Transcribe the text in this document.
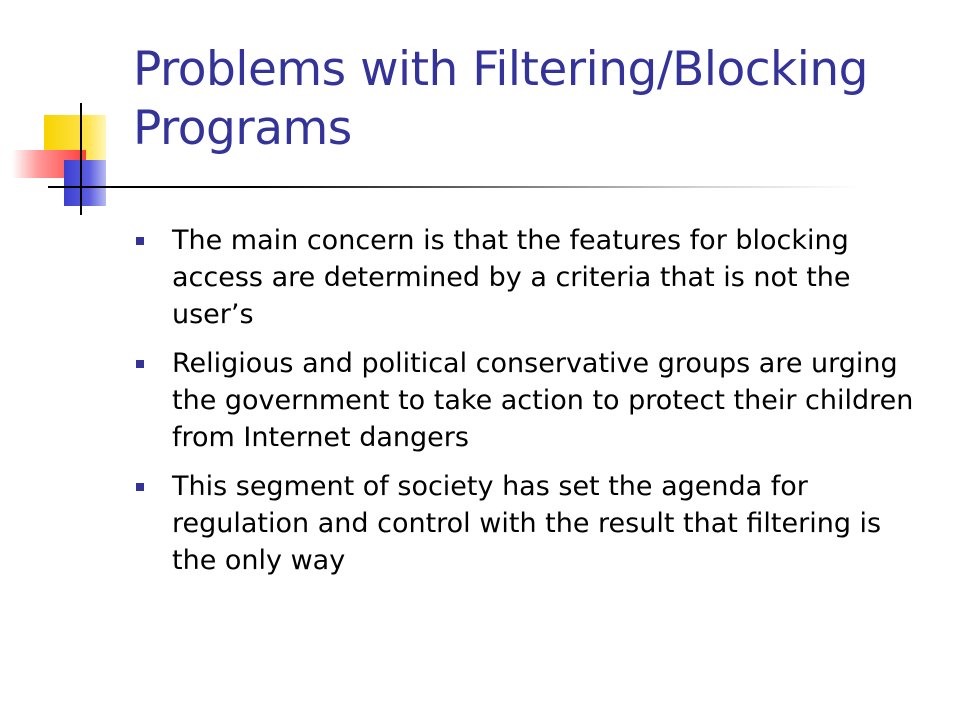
Problems with Filtering/Blocking Programs
The main concern is that the features for blocking access are determined by a criteria that is not the user’s
Religious and political conservative groups are urging the government to take action to protect their children from Internet dangers
This segment of society has set the agenda for regulation and control with the result that filtering is the only way
